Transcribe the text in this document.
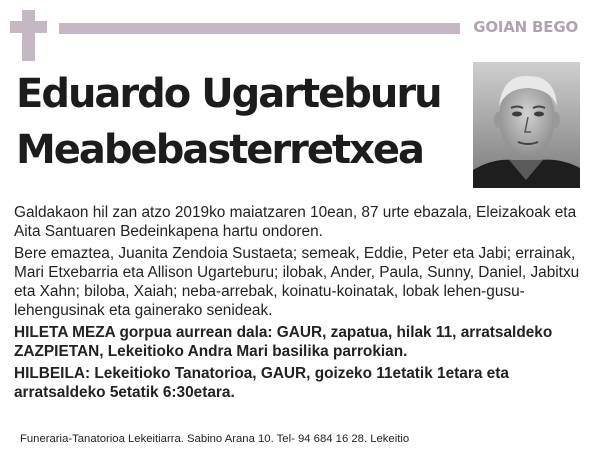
GOIAN BEGO
Eduardo Ugarteburu
Meabebasterretxea

Galdakaon hil zan atzo 2019ko maiatzaren 10ean, 87 urte ebazala, Eleizakoak eta Aita Santuaren Bedeinkapena hartu ondoren.

Bere emaztea, Juanita Zendoia Sustaeta; semeak, Eddie, Peter eta Jabi; errainak, Mari Etxebarria eta Allison Ugarteburu; ilobak, Ander, Paula, Sunny, Daniel, Jabitxu eta Xahn; biloba, Xaiah; neba-arrebak, koinatu-koinatak, lobak lehen-gusu-lehengusinak eta gainerako senideak.

HILETA MEZA gorpua aurrean dala: GAUR, zapatua, hilak 11, arratsaldeko ZAZPIETAN, Lekeitioko Andra Mari basilika parrokian.

HILBEILA: Lekeitioko Tanatorioa, GAUR, goizeko 11etatik 1etara eta arratsaldeko 5etatik 6:30etara.

Funeraria-Tanatorioa Lekeitiarra. Sabino Arana 10. Tel- 94 684 16 28. Lekeitio
